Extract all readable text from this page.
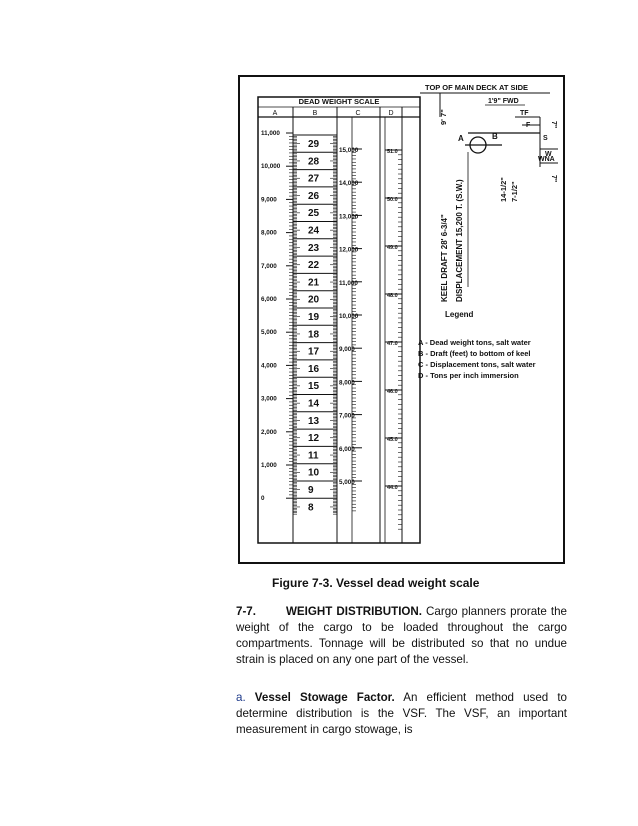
DEAD WEIGHT SCALE
A	B	C	D
29
28
27
26
25
24
23
22
21
20
19
18
17
16
15
14
13
12
11
10
9
8
11,000
10,000
9,000
8,000
7,000
6,000
5,000
4,000
3,000
2,000
1,000
0
15,000
14,000
13,000
12,000
11,000
10,000
9,000
8,000
7,000
6,000
5,000
51.0
50.0
49.0
48.0
47.0
46.0
45.0
44.0
TOP OF MAIN DECK AT SIDE
9' 7"
1'9" FWD
TF
F
S
W
WNA
7"
7"
A	B
KEEL DRAFT 28' 6-3/4" DISPLACEMENT 15,200 T. (S.W.)	14-1/2" 7-1/2"
Legend
A - Dead weight tons, salt water
B - Draft (feet) to bottom of keel
C - Displacement tons, salt water
D - Tons per inch immersion
Figure 7-3. Vessel dead weight scale

7-7.	WEIGHT DISTRIBUTION. Cargo planners prorate the weight of the cargo to be loaded throughout the cargo compartments. Tonnage will be distributed so that no undue strain is placed on any one part of the vessel.

a. Vessel Stowage Factor. An efficient method used to determine distribution is the VSF. The VSF, an important measurement in cargo stowage, is
